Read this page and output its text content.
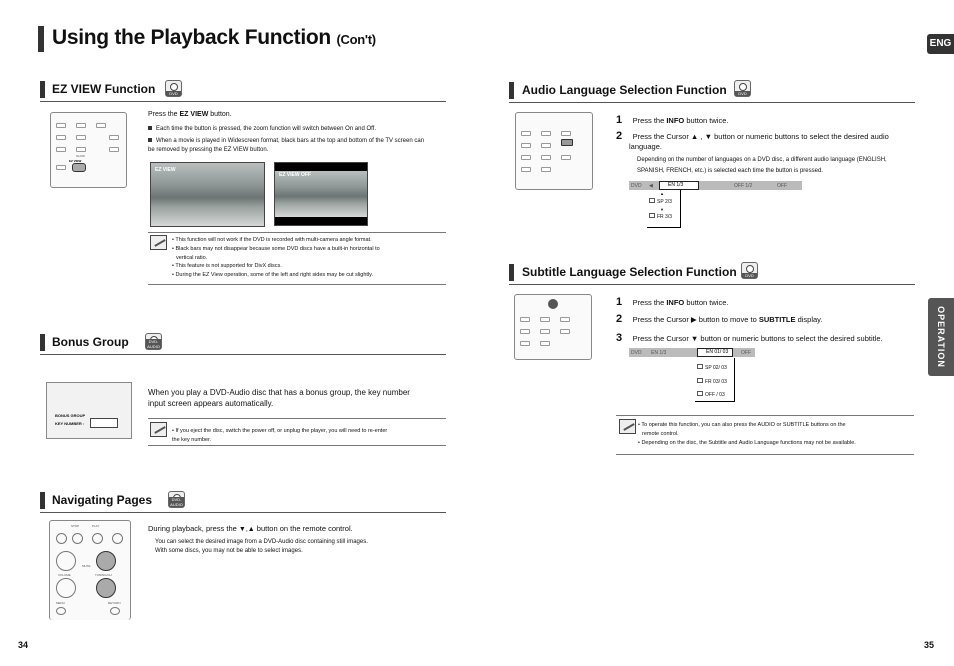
Using the Playback Function (Con't)	ENG
OPERATION
EZ VIEW Function	DVD
SLOW
EZ VIEW
Press the EZ VIEW button.
Each time the button is pressed, the zoom function will switch between On and Off.
When a movie is played in Widescreen format, black bars at the top and bottom of the TV screen can be removed by pressing the EZ VIEW button.
EZ VIEW
EZ VIEW OFF
• This function will not work if the DVD is recorded with multi-camera angle format.
• Black bars may not disappear because some DVD discs have a built-in horizontal to
vertical ratio.
• This feature is not supported for DivX discs.
• During the EZ View operation, some of the left and right sides may be cut slightly.
Bonus Group	DVD-AUDIO
BONUS GROUP
KEY NUMBER :
When you play a DVD-Audio disc that has a bonus group, the key number
input screen appears automatically.
• If you eject the disc, switch the power off, or unplug the player, you will need to re-enter
the key number.
Navigating Pages	DVD-AUDIO
STOP	PLAY
MUTE
VOLUME	TUNING/CH
MENU	RETURN
During playback, press the ▼,▲ button on the remote control.
You can select the desired image from a DVD-Audio disc containing still images.
With some discs, you may not be able to select images.
Audio Language Selection Function	DVD
1 Press the INFO button twice.
2 Press the Cursor ▲ , ▼ button or numeric buttons to select the desired audio
language.
Depending on the number of languages on a DVD disc, a different audio language (ENGLISH,
SPANISH, FRENCH, etc.) is selected each time the button is pressed.
DVD ◀	EN 1/3	OFF 1/2	OFF
▲
SP 2/3
▼
FR 3/3
Subtitle Language Selection Function	DVD
1 Press the INFO button twice.
2 Press the Cursor ▶ button to move to SUBTITLE display.
3 Press the Cursor ▼ button or numeric buttons to select the desired subtitle.
DVD EN 1/3	EN 01/ 03	OFF
SP 02/ 03
FR 03/ 03
OFF / 03
• To operate this function, you can also press the AUDIO or SUBTITLE buttons on the
remote control.
• Depending on the disc, the Subtitle and Audio Language functions may not be available.
34	35
